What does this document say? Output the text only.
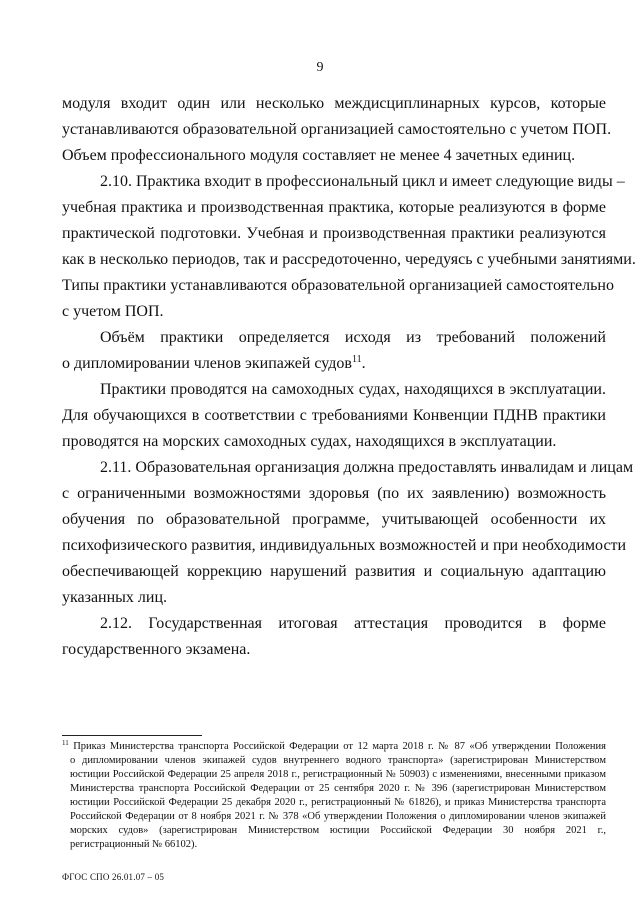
9
модуля входит один или несколько междисциплинарных курсов, которые
устанавливаются образовательной организацией самостоятельно с учетом ПОП.
Объем профессионального модуля составляет не менее 4 зачетных единиц.
2.10. Практика входит в профессиональный цикл и имеет следующие виды –
учебная практика и производственная практика, которые реализуются в форме
практической подготовки. Учебная и производственная практики реализуются
как в несколько периодов, так и рассредоточенно, чередуясь с учебными занятиями.
Типы практики устанавливаются образовательной организацией самостоятельно
с учетом ПОП.
Объём практики определяется исходя из требований положений
о дипломировании членов экипажей судов$^{11}$.
Практики проводятся на самоходных судах, находящихся в эксплуатации.
Для обучающихся в соответствии с требованиями Конвенции ПДНВ практики
проводятся на морских самоходных судах, находящихся в эксплуатации.
2.11. Образовательная организация должна предоставлять инвалидам и лицам
с ограниченными возможностями здоровья (по их заявлению) возможность
обучения по образовательной программе, учитывающей особенности их
психофизического развития, индивидуальных возможностей и при необходимости
обеспечивающей коррекцию нарушений развития и социальную адаптацию
указанных лиц.
2.12. Государственная итоговая аттестация проводится в форме
государственного экзамена.
$^{11}$ Приказ Министерства транспорта Российской Федерации от 12 марта 2018 г. № 87 «Об утверждении Положения
о дипломировании членов экипажей судов внутреннего водного транспорта» (зарегистрирован Министерством
юстиции Российской Федерации 25 апреля 2018 г., регистрационный № 50903) с изменениями, внесенными приказом
Министерства транспорта Российской Федерации от 25 сентября 2020 г. № 396 (зарегистрирован Министерством
юстиции Российской Федерации 25 декабря 2020 г., регистрационный № 61826), и приказ Министерства транспорта
Российской Федерации от 8 ноября 2021 г. № 378 «Об утверждении Положения о дипломировании членов экипажей
морских судов» (зарегистрирован Министерством юстиции Российской Федерации 30 ноября 2021 г.,
регистрационный № 66102).
ФГОС СПО 26.01.07 – 05
